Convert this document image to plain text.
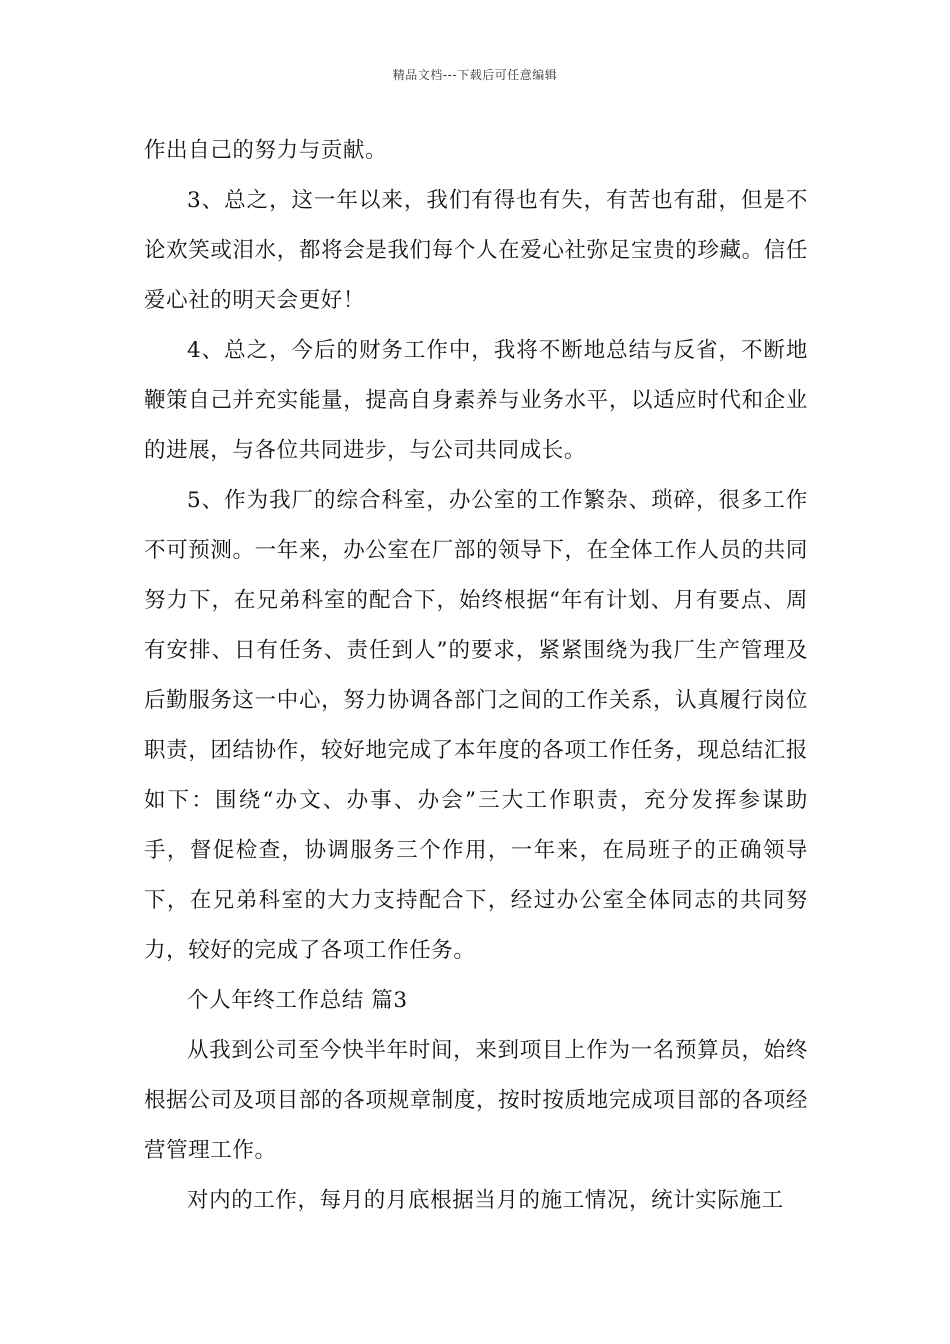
精品文档---下载后可任意编辑

作出自己的努力与贡献。

3、总之，这一年以来，我们有得也有失，有苦也有甜，但是不论欢笑或泪水，都将会是我们每个人在爱心社弥足宝贵的珍藏。信任爱心社的明天会更好！

4、总之，今后的财务工作中，我将不断地总结与反省，不断地鞭策自己并充实能量，提高自身素养与业务水平，以适应时代和企业的进展，与各位共同进步，与公司共同成长。

5、作为我厂的综合科室，办公室的工作繁杂、琐碎，很多工作不可预测。一年来，办公室在厂部的领导下，在全体工作人员的共同努力下，在兄弟科室的配合下，始终根据“年有计划、月有要点、周有安排、日有任务、责任到人”的要求，紧紧围绕为我厂生产管理及后勤服务这一中心，努力协调各部门之间的工作关系，认真履行岗位职责，团结协作，较好地完成了本年度的各项工作任务，现总结汇报如下：围绕“办文、办事、办会”三大工作职责，充分发挥参谋助手，督促检查，协调服务三个作用，一年来，在局班子的正确领导下，在兄弟科室的大力支持配合下，经过办公室全体同志的共同努力，较好的完成了各项工作任务。

个人年终工作总结 篇3

从我到公司至今快半年时间，来到项目上作为一名预算员，始终根据公司及项目部的各项规章制度，按时按质地完成项目部的各项经营管理工作。

对内的工作，每月的月底根据当月的施工情况，统计实际施工
